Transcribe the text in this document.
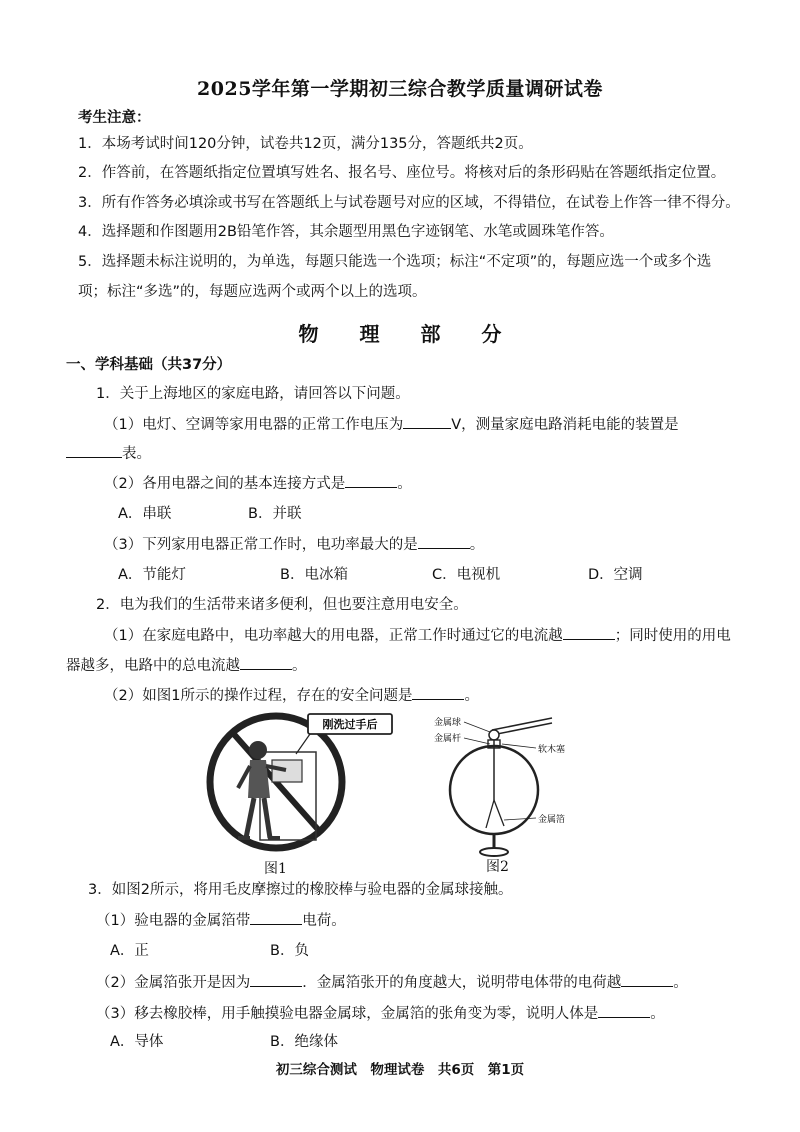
2025学年第一学期初三综合教学质量调研试卷
考生注意：
1．本场考试时间120分钟，试卷共12页，满分135分，答题纸共2页。
2．作答前，在答题纸指定位置填写姓名、报名号、座位号。将核对后的条形码贴在答题纸指定位置。
3．所有作答务必填涂或书写在答题纸上与试卷题号对应的区域，不得错位，在试卷上作答一律不得分。
4．选择题和作图题用2B铅笔作答，其余题型用黑色字迹钢笔、水笔或圆珠笔作答。
5．选择题未标注说明的，为单选，每题只能选一个选项；标注“不定项”的，每题应选一个或多个选
项；标注“多选”的，每题应选两个或两个以上的选项。
物 理 部 分
一、学科基础（共37分）
1．关于上海地区的家庭电路，请回答以下问题。
（1）电灯、空调等家用电器的正常工作电压为	V，测量家庭电路消耗电能的装置是
表。
（2）各用电器之间的基本连接方式是	。
A．串联	B．并联
（3）下列家用电器正常工作时，电功率最大的是	。
A．节能灯	B．电冰箱	C．电视机	D．空调
2．电为我们的生活带来诸多便利，但也要注意用电安全。
（1）在家庭电路中，电功率越大的用电器，正常工作时通过它的电流越	；同时使用的用电
器越多，电路中的总电流越	。
（2）如图1所示的操作过程，存在的安全问题是	。
刚洗过手后
图1
金属球
金属杆
软木塞
金属箔
图2
3．如图2所示，将用毛皮摩擦过的橡胶棒与验电器的金属球接触。
（1）验电器的金属箔带	电荷。
A．正	B．负
（2）金属箔张开是因为	．金属箔张开的角度越大，说明带电体带的电荷越	。
（3）移去橡胶棒，用手触摸验电器金属球，金属箔的张角变为零，说明人体是	。
A．导体	B．绝缘体
初三综合测试　物理试卷　共6页　第1页
